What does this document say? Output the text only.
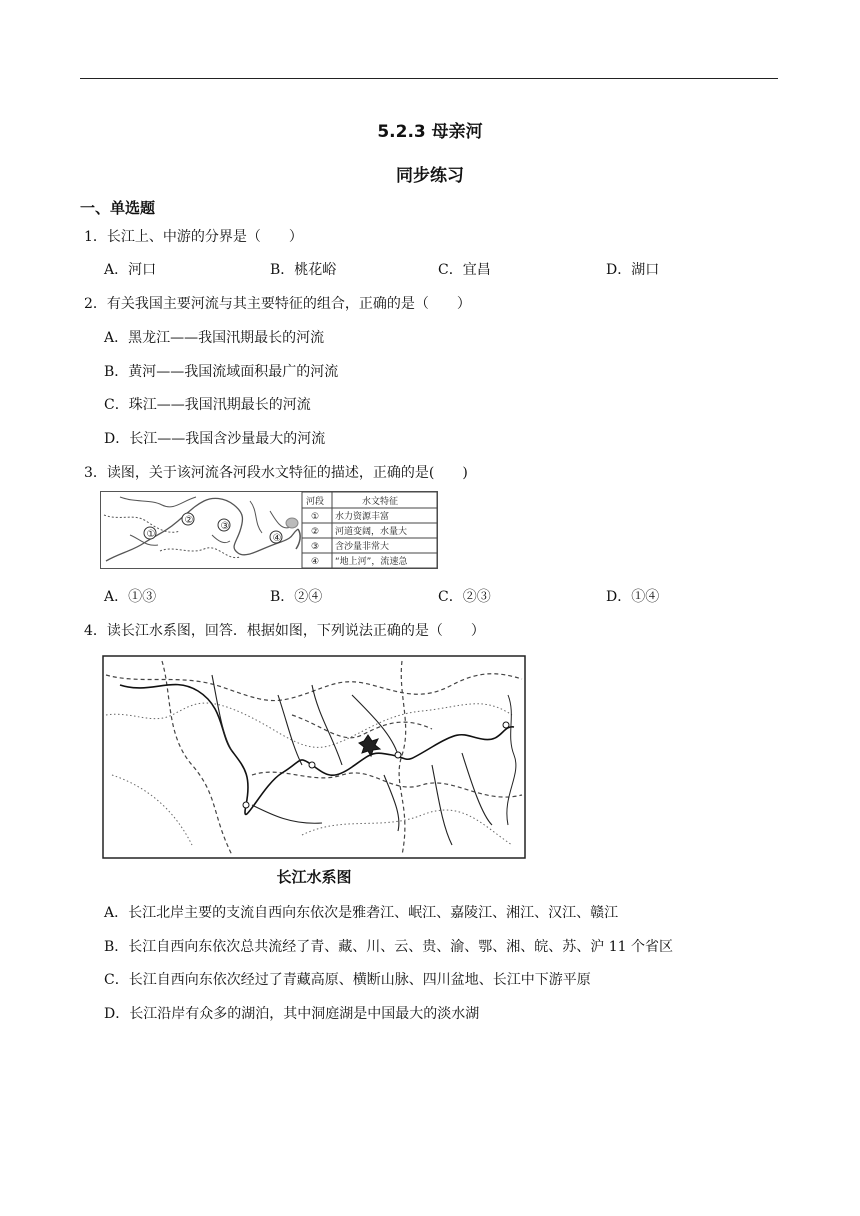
5.2.3 母亲河
同步练习
一、单选题
1．长江上、中游的分界是（　　）
A．河口	B．桃花峪	C．宜昌	D．湖口
2．有关我国主要河流与其主要特征的组合，正确的是（　　）
A．黑龙江——我国汛期最长的河流
B．黄河——我国流域面积最广的河流
C．珠江——我国汛期最长的河流
D．长江——我国含沙量最大的河流
3．读图，关于该河流各河段水文特征的描述，正确的是(　　)
①
②
③
④
河段	水文特征
① 水力资源丰富
② 河道变阔，水量大
③ 含沙量非常大
④ “地上河”，流速急
A．①③	B．②④	C．②③	D．①④
4．读长江水系图，回答．根据如图，下列说法正确的是（　　）
长江水系图
A．长江北岸主要的支流自西向东依次是雅砻江、岷江、嘉陵江、湘江、汉江、赣江
B．长江自西向东依次总共流经了青、藏、川、云、贵、渝、鄂、湘、皖、苏、沪 11 个省区
C．长江自西向东依次经过了青藏高原、横断山脉、四川盆地、长江中下游平原
D．长江沿岸有众多的湖泊，其中洞庭湖是中国最大的淡水湖
